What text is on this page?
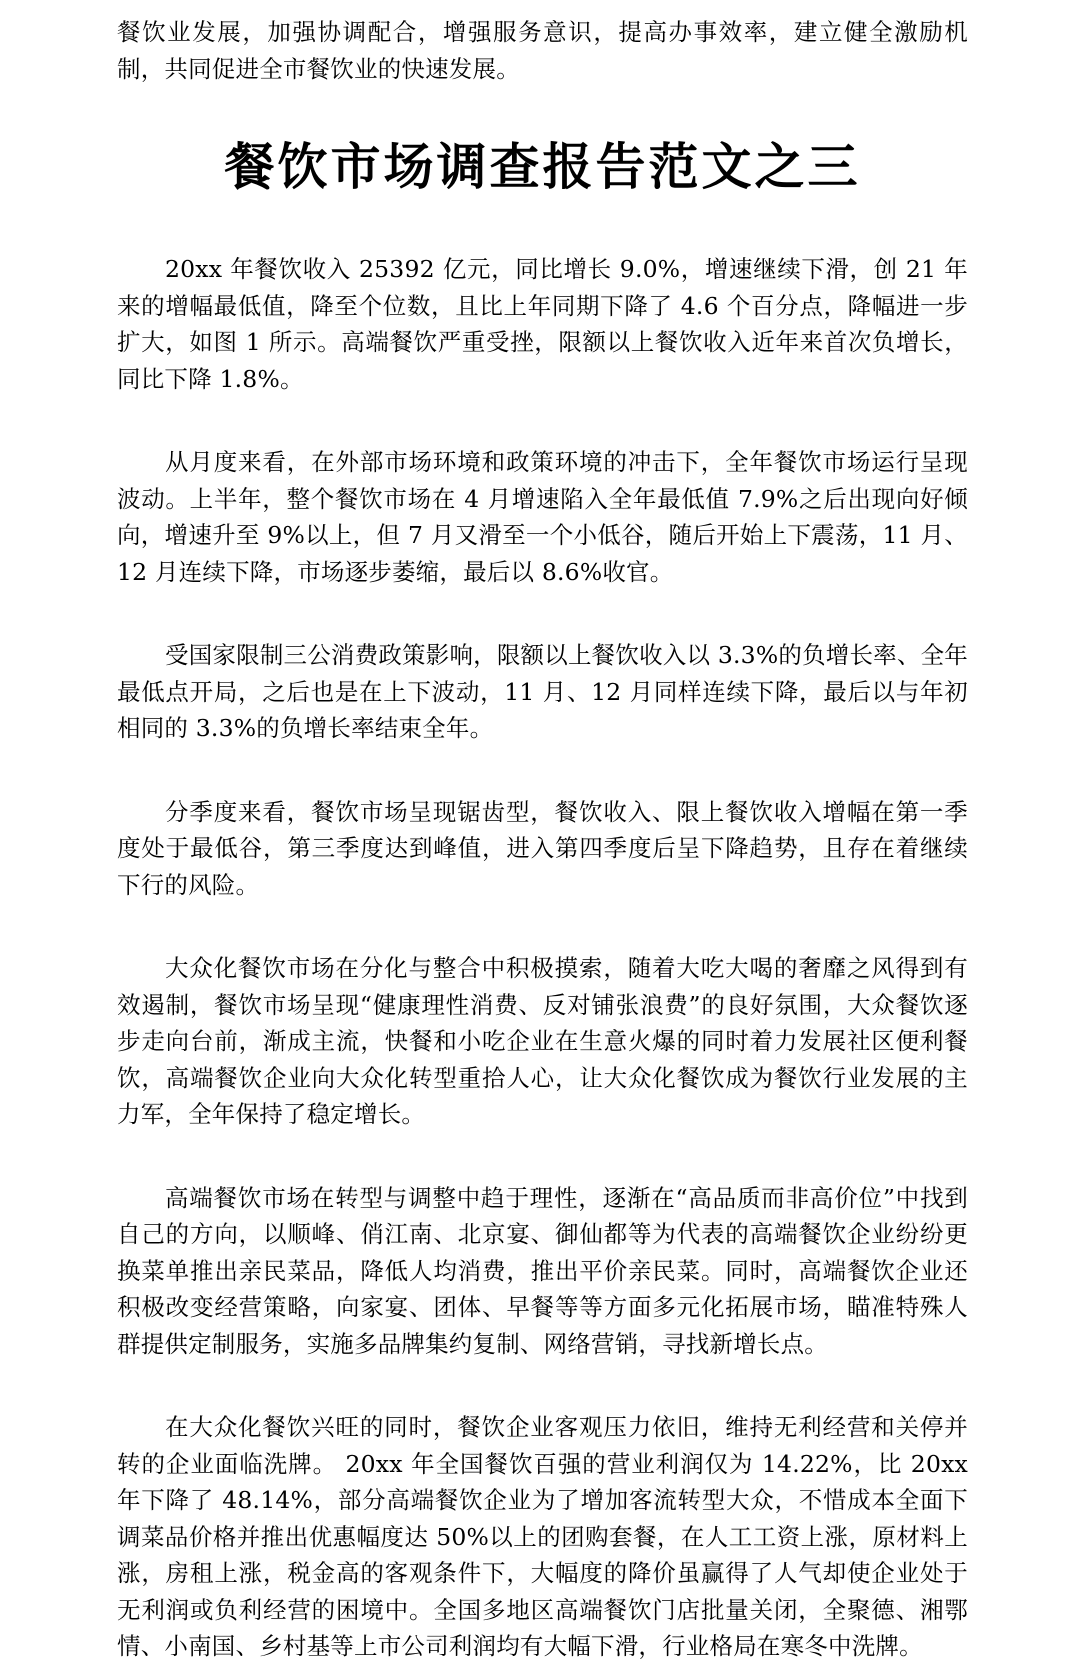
餐饮业发展，加强协调配合，增强服务意识，提高办事效率，建立健全激励机制，共同促进全市餐饮业的快速发展。

餐饮市场调查报告范文之三

20xx 年餐饮收入 25392 亿元，同比增长 9.0%，增速继续下滑，创 21 年来的增幅最低值，降至个位数，且比上年同期下降了 4.6 个百分点，降幅进一步扩大，如图 1 所示。高端餐饮严重受挫，限额以上餐饮收入近年来首次负增长，同比下降 1.8%。

从月度来看，在外部市场环境和政策环境的冲击下，全年餐饮市场运行呈现波动。上半年，整个餐饮市场在 4 月增速陷入全年最低值 7.9%之后出现向好倾向，增速升至 9%以上，但 7 月又滑至一个小低谷，随后开始上下震荡，11 月、12 月连续下降，市场逐步萎缩，最后以 8.6%收官。

受国家限制三公消费政策影响，限额以上餐饮收入以 3.3%的负增长率、全年最低点开局，之后也是在上下波动，11 月、12 月同样连续下降，最后以与年初相同的 3.3%的负增长率结束全年。

分季度来看，餐饮市场呈现锯齿型，餐饮收入、限上餐饮收入增幅在第一季度处于最低谷，第三季度达到峰值，进入第四季度后呈下降趋势，且存在着继续下行的风险。

大众化餐饮市场在分化与整合中积极摸索，随着大吃大喝的奢靡之风得到有效遏制，餐饮市场呈现“健康理性消费、反对铺张浪费”的良好氛围，大众餐饮逐步走向台前，渐成主流，快餐和小吃企业在生意火爆的同时着力发展社区便利餐饮，高端餐饮企业向大众化转型重拾人心，让大众化餐饮成为餐饮行业发展的主力军，全年保持了稳定增长。

高端餐饮市场在转型与调整中趋于理性，逐渐在“高品质而非高价位”中找到自己的方向，以顺峰、俏江南、北京宴、御仙都等为代表的高端餐饮企业纷纷更换菜单推出亲民菜品，降低人均消费，推出平价亲民菜。同时，高端餐饮企业还积极改变经营策略，向家宴、团体、早餐等等方面多元化拓展市场，瞄准特殊人群提供定制服务，实施多品牌集约复制、网络营销，寻找新增长点。

在大众化餐饮兴旺的同时，餐饮企业客观压力依旧，维持无利经营和关停并转的企业面临洗牌。 20xx 年全国餐饮百强的营业利润仅为 14.22%，比 20xx 年下降了 48.14%，部分高端餐饮企业为了增加客流转型大众，不惜成本全面下调菜品价格并推出优惠幅度达 50%以上的团购套餐，在人工工资上涨，原材料上涨，房租上涨，税金高的客观条件下，大幅度的降价虽赢得了人气却使企业处于无利润或负利经营的困境中。全国多地区高端餐饮门店批量关闭，全聚德、湘鄂情、小南国、乡村基等上市公司利润均有大幅下滑，行业格局在寒冬中洗牌。
